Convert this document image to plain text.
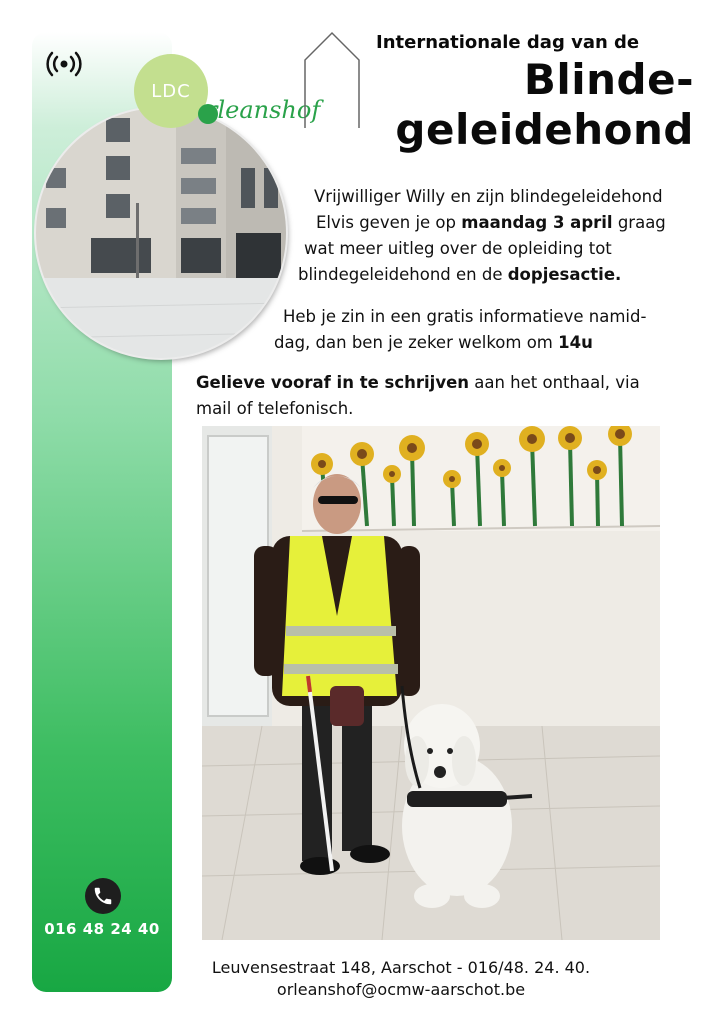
LDC
rleanshof
Internationale dag van de
Blinde-
geleidehond
Vrijwilliger Willy en zijn blindegeleidehond
Elvis geven je op maandag 3 april graag
wat meer uitleg over de opleiding tot
blindegeleidehond en de dopjesactie.
Heb je zin in een gratis informatieve namid-
dag, dan ben je zeker welkom om 14u
Gelieve vooraf in te schrijven aan het onthaal, via
mail of telefonisch.
016 48 24 40
Leuvensestraat 148, Aarschot - 016/48. 24. 40.
orleanshof@ocmw-aarschot.be
